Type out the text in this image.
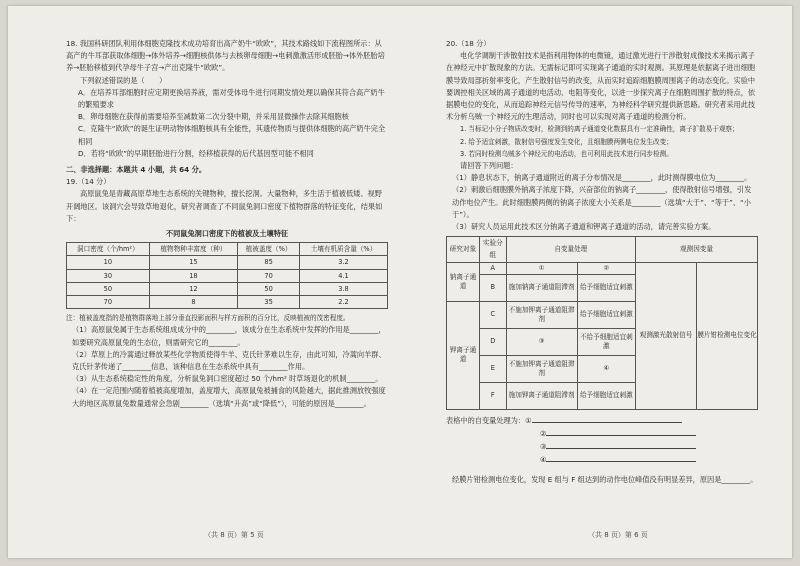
18. 我国科研团队利用体细胞克隆技术成功培育出高产奶牛“欧欧”，其技术路线如下流程图所示：从高产的牛耳部获取体细胞→体外培养→细胞核供体与去核卵母细胞→电刺激激活形成胚胎→体外胚胎培养→胚胎移植到代孕母牛子宫→产出克隆牛“欧欧”。

下列叙述错误的是（　　）

A．在培养耳部细胞时应定期更换培养液，需对受体母牛进行同期发情处理以确保其符合高产奶牛的繁殖要求

B．卵母细胞在获得前需要培养至减数第二次分裂中期，并采用显微操作去除其细胞核

C．克隆牛“欧欧”的诞生证明动物体细胞核具有全能性，其遗传物质与提供体细胞的高产奶牛完全相同

D．若将“欧欧”的早期胚胎进行分割，经移植获得的后代基因型可能不相同

二、非选择题：本题共 4 小题，共 64 分。

19.（14 分）

高原鼠兔是青藏高原草地生态系统的关键物种，擅长挖洞。大量物种，多生活于植被低矮、视野开阔地区。该洞穴会导致草地退化，研究者调查了不同鼠兔洞口密度下植物群落的特征变化，结果如下：

不同鼠兔洞口密度下的植被及土壤特征

洞口密度（个/hm²）	植物物种丰富度（种）	植被盖度（%）	土壤有机质含量（%）
10	15	85	3.2
30	18	70	4.1
50	12	50	3.8
70	8	35	2.2

注：植被盖度指的是植物群落地上部分垂直投影面积与样方面积的百分比，反映植被的茂密程度。

（1）高原鼠兔属于生态系统组成成分中的________，该成分在生态系统中发挥的作用是________，如要研究高原鼠兔的生态位，则需研究它的________。

（2）草原上的冷蒿通过释放某些化学物质使得牛羊、克氏针茅难以生存，由此可知，冷蒿向羊群、克氏针茅传递了________信息，该种信息在生态系统中具有________作用。

（3）从生态系统稳定性的角度，分析鼠兔洞口密度超过 50 个/hm² 时草场退化的机制________。

（4）在一定范围内随着植被高度增加，盖度增大，高原鼠兔被捕食的风险越大，据此推测放牧强度大的地区高原鼠兔数量通常会急剧________（选填“升高”或“降低”），可能的原因是________。

（共 8 页）第 5 页

20.（18 分）

电化学调制干涉散射技术是指利用物体的电微镜，通过激光进行干涉散射成像技术来揭示离子在神经元中扩散现象的方法。无需标记即可实现离子通道的实时观测。其原理是依据离子进出细胞膜导致局部折射率变化，产生散射信号的改变，从而实时追踪细胞膜周围离子的动态变化。实验中要调控相关区域的离子通道的电活动、电阻等变化，以进一步探究离子在细胞周围扩散的特点，依据膜电位的变化，从而追踪神经元信号传导的速率，为神经科学研究提供新思路。研究者采用此技术分析乌贼一个神经元的生理活动，同时也可以实现对离子通道的检测分析。

1. 当标记小分子物质改变时，检测到的离子通道变化数据具有一定准确性，离子扩散易于观察；

2. 给予适宜刺激，散射信号强度发生变化，且细胞膜两侧电位发生改变；

3. 若同时检测乌贼多个神经元的电活动，也可利用此技术进行同步检测。

请回答下列问题：

（1）静息状态下，钠离子通道附近的离子分布情况是________，此时测得膜电位为________。

（2）刺激后细胞膜外钠离子浓度下降，兴奋部位的钠离子________，使得散射信号增强，引发动作电位产生。此时细胞膜两侧的钠离子浓度大小关系是________（选填“大于”、“等于”、“小于”）。

（3）研究人员运用此技术区分钠离子通道和钾离子通道的活动，请完善实验方案。

研究对象	实验分组	自变量处理		观测因变量	
钠离子通道	A	①	②	观测激光散射信号	膜片钳检测电位变化
	B	施加钠离子通道阻滞剂	给予细胞适宜刺激		
钾离子通道	C	不施加钾离子通道阻滞剂	给予细胞适宜刺激		
	D	③	不给予细胞适宜刺激		
	E	不施加钾离子通道阻滞剂	④		
	F	施加钾离子通道阻滞剂	给予细胞适宜刺激		

表格中的自变量处理为：①

②

③

④

经膜片钳检测电位变化，发现 E 组与 F 组达到的动作电位峰值没有明显差异，原因是________。

（共 8 页）第 6 页
